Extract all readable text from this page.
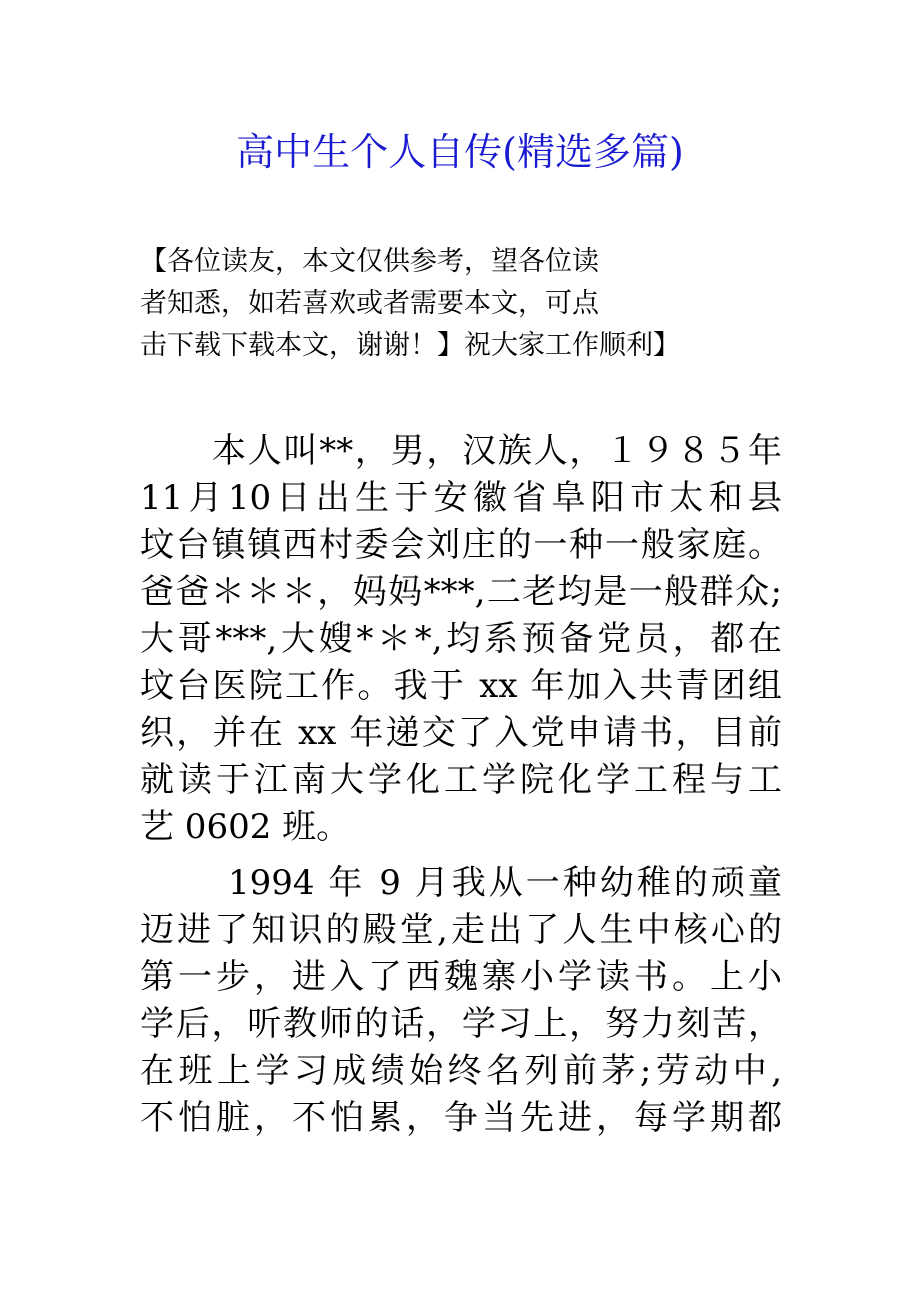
高中生个人自传(精选多篇)
【各位读友，本文仅供参考，望各位读
者知悉，如若喜欢或者需要本文，可点
击下载下载本文，谢谢！】祝大家工作顺利】
本人叫**，男，汉族人，１９８５年
11月10日出生于安徽省阜阳市太和县
坟台镇镇西村委会刘庄的一种一般家庭。
爸爸＊＊＊，妈妈***,二老均是一般群众;
大哥***,大嫂*＊*,均系预备党员，都在
坟台医院工作。我于 xx 年加入共青团组
织，并在 xx 年递交了入党申请书，目前
就读于江南大学化工学院化学工程与工
艺 0602 班。
1994 年 9 月我从一种幼稚的顽童
迈进了知识的殿堂,走出了人生中核心的
第一步，进入了西魏寨小学读书。上小
学后，听教师的话，学习上，努力刻苦，
在班上学习成绩始终名列前茅;劳动中,
不怕脏，不怕累，争当先进，每学期都
